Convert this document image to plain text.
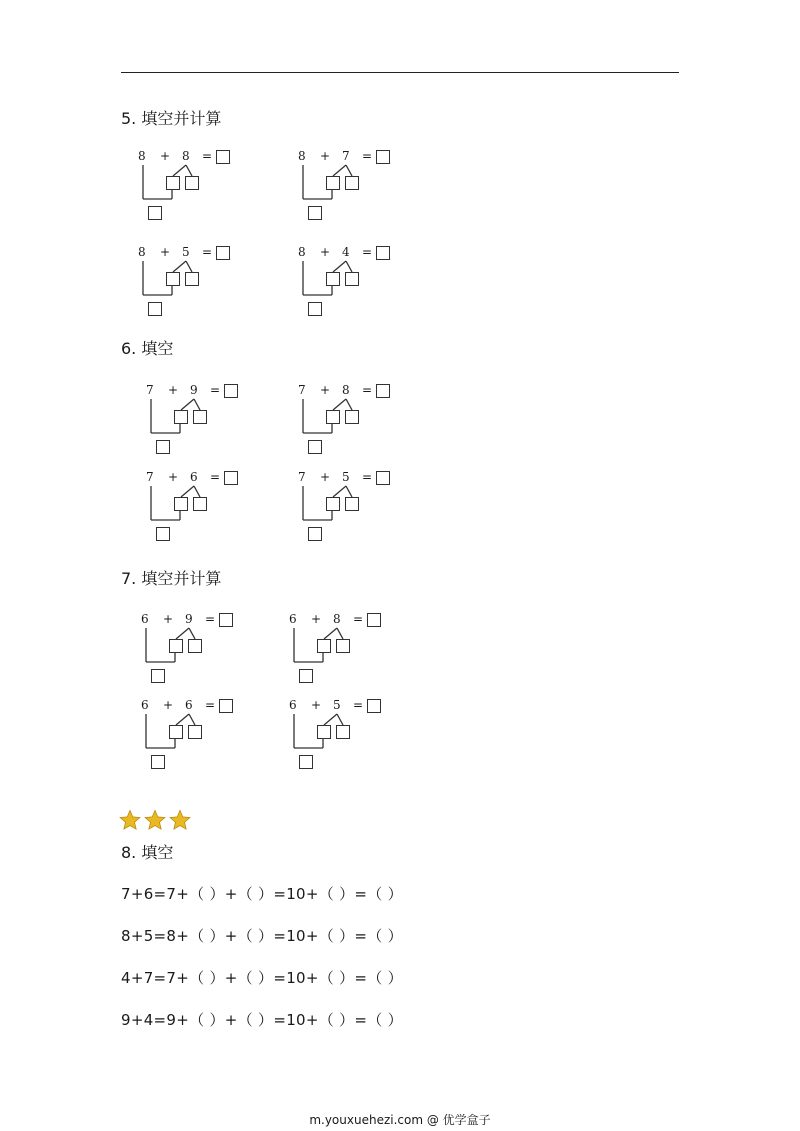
5. 填空并计算
8 + 8 =	8 + 7 =
8 + 5 =	8 + 4 =
6. 填空
7 + 9 =	7 + 8 =
7 + 6 =	7 + 5 =
7. 填空并计算
6 + 9 =	6 + 8 =
6 + 6 =	6 + 5 =
8. 填空
7+6=7+（ ）+（ ）=10+（ ）=（ ）
8+5=8+（ ）+（ ）=10+（ ）=（ ）
4+7=7+（ ）+（ ）=10+（ ）=（ ）
9+4=9+（ ）+（ ）=10+（ ）=（ ）
m.youxuehezi.com @ 优学盒子
